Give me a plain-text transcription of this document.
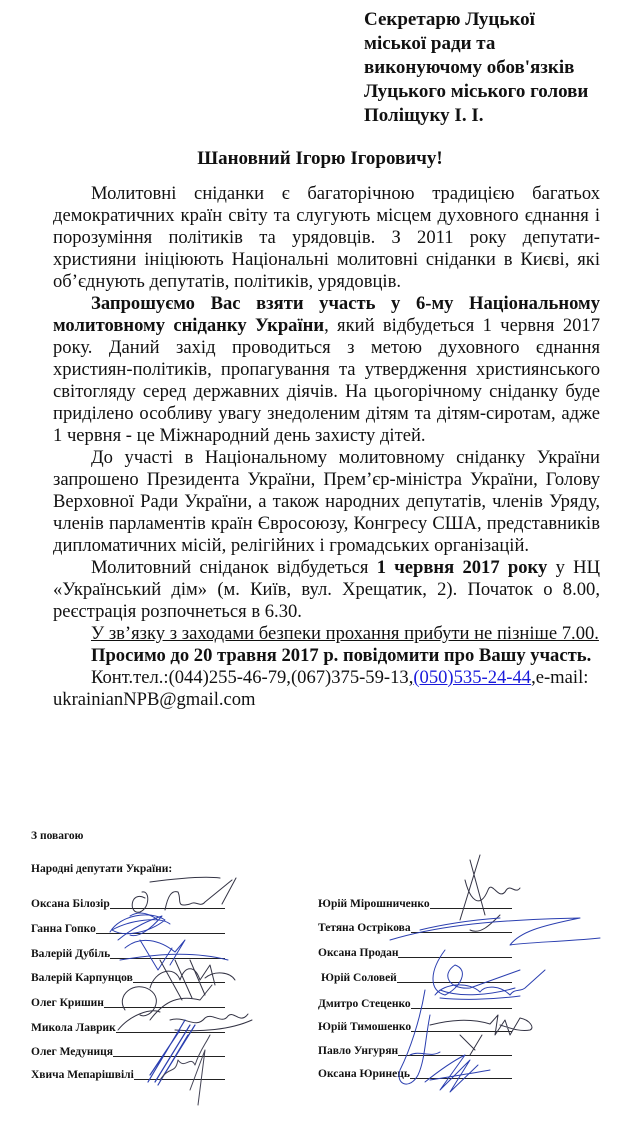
Секретарю Луцької
міської ради та
виконуючому обов'язків
Луцького міського голови
Поліщуку І. І.
Шановний Ігорю Ігоровичу!

Молитовні сніданки є багаторічною традицією багатьох демократичних країн світу та слугують місцем духовного єднання і порозуміння політиків та урядовців. З 2011 року депутати-християни ініціюють Національні молитовні сніданки в Києві, які об’єднують депутатів, політиків, урядовців.

Запрошуємо Вас взяти участь у 6-му Національному молитовному сніданку України, який відбудеться 1 червня 2017 року. Даний захід проводиться з метою духовного єднання християн-політиків, пропагування та утвердження християнського світогляду серед державних діячів. На цьогорічному сніданку буде приділено особливу увагу знедоленим дітям та дітям-сиротам, адже 1 червня - це Міжнародний день захисту дітей.

До участі в Національному молитовному сніданку України запрошено Президента України, Прем’єр-міністра України, Голову Верховної Ради України, а також народних депутатів, членів Уряду, членів парламентів країн Євросоюзу, Конгресу США, представників дипломатичних місій, релігійних і громадських організацій.

Молитовний сніданок відбудеться 1 червня 2017 року у НЦ «Український дім» (м. Київ, вул. Хрещатик, 2). Початок о 8.00, реєстрація розпочнеться в 6.30.

У зв’язку з заходами безпеки прохання прибути не пізніше 7.00.

Просимо до 20 травня 2017 р. повідомити про Вашу участь.

Конт.тел.:(044)255-46-79,(067)375-59-13,(050)535-24-44,e-mail: ukrainianNPB@gmail.com

З повагою
Народні депутати України:
Оксана Білозір
Ганна Гопко
Валерій Дубіль
Валерій Карпунцов
Олег Кришин
Микола Лаврик
Олег Медуниця
Хвича Мепарішвілі
Юрій Мірошниченко
Тетяна Острікова
Оксана Продан
Юрій Соловей
Дмитро Стеценко
Юрій Тимошенко
Павло Унгурян
Оксана Юринець
